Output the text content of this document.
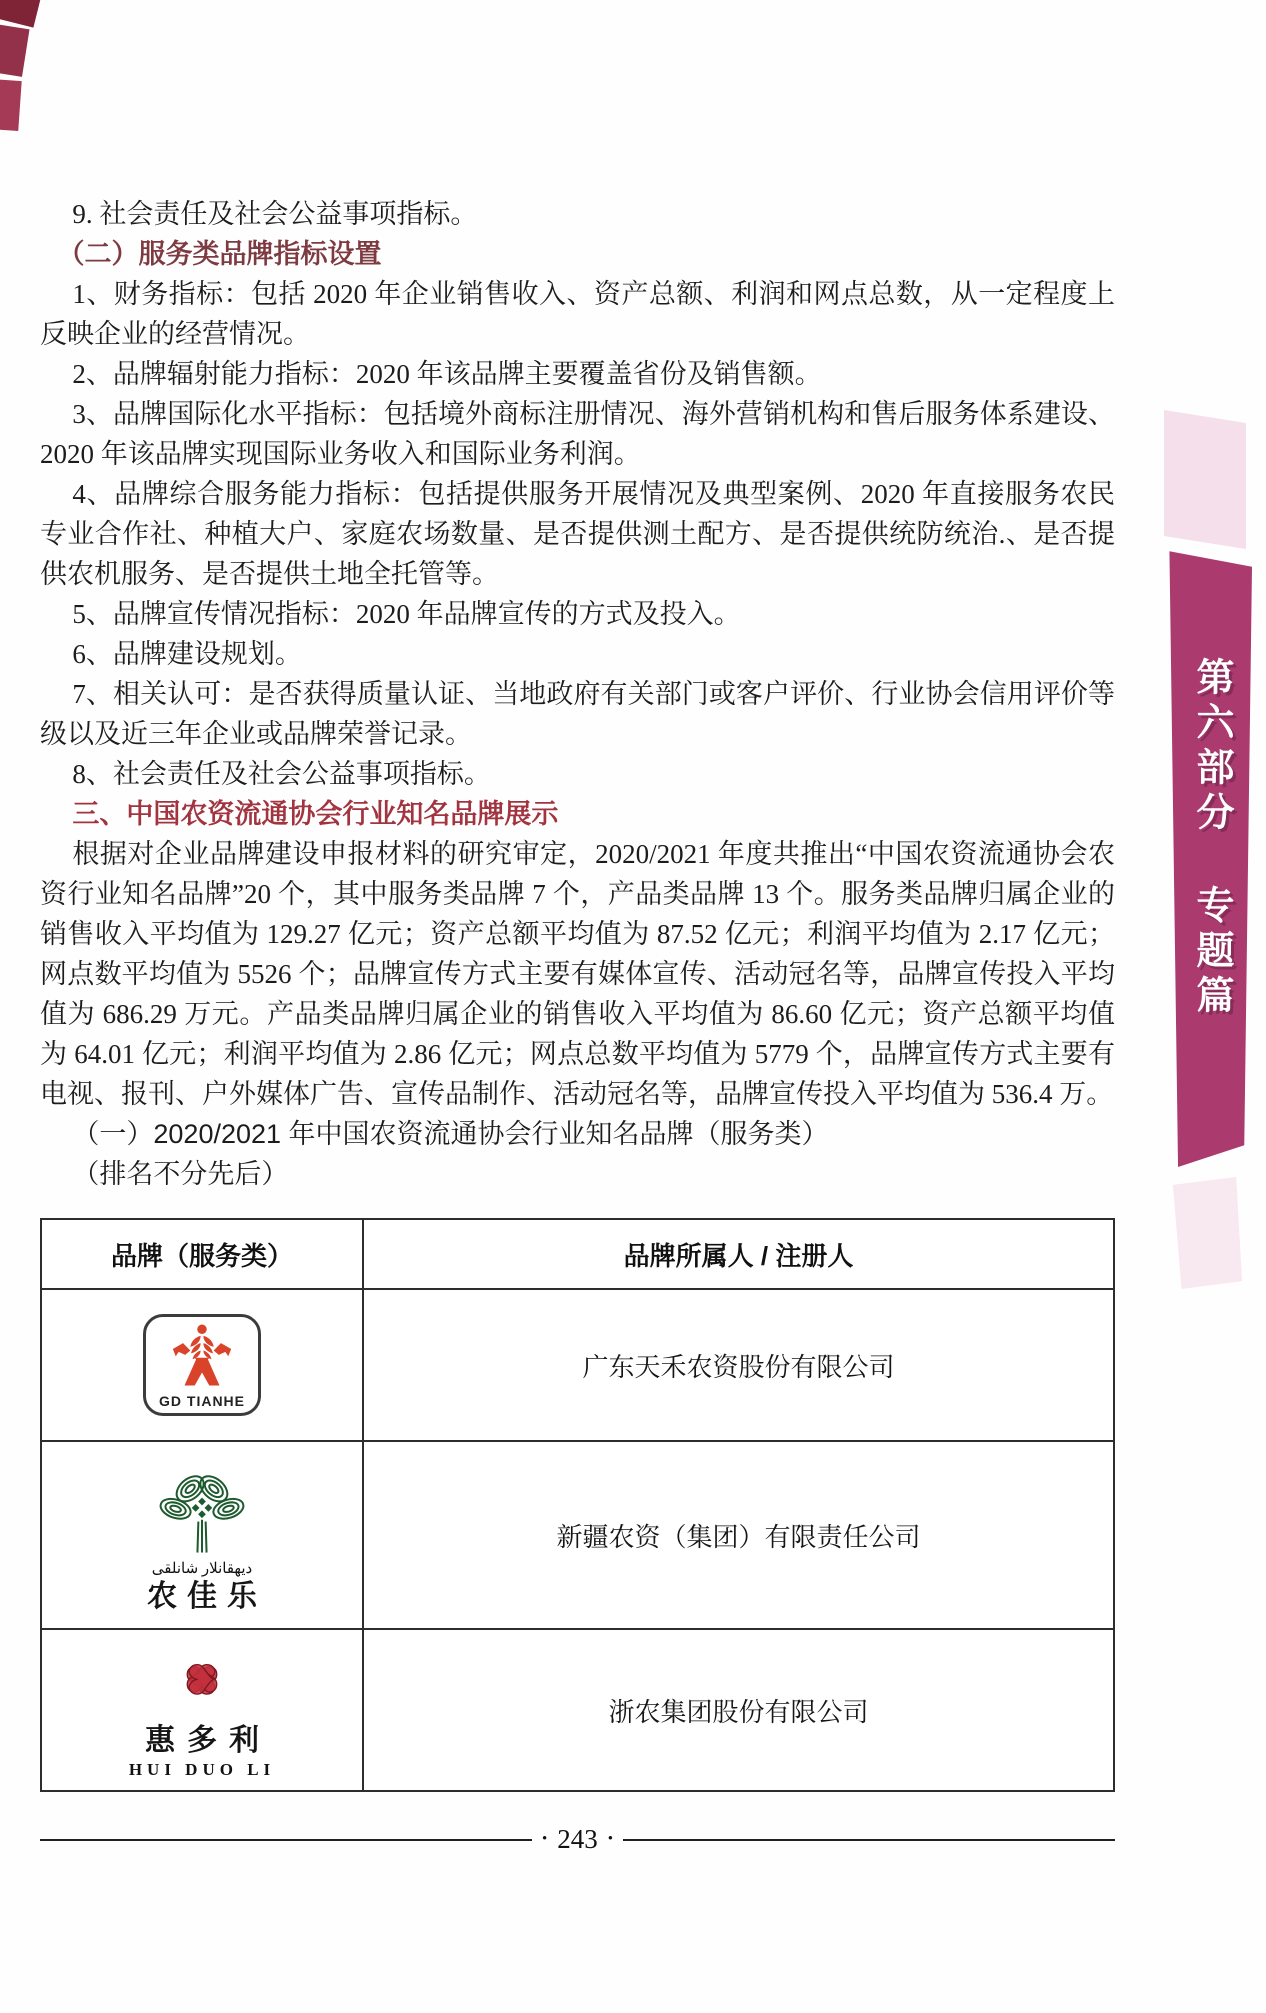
9. 社会责任及社会公益事项指标。

（二）服务类品牌指标设置

1、财务指标：包括 2020 年企业销售收入、资产总额、利润和网点总数，从一定程度上反映企业的经营情况。

2、品牌辐射能力指标：2020 年该品牌主要覆盖省份及销售额。

3、品牌国际化水平指标：包括境外商标注册情况、海外营销机构和售后服务体系建设、2020 年该品牌实现国际业务收入和国际业务利润。

4、品牌综合服务能力指标：包括提供服务开展情况及典型案例、2020 年直接服务农民专业合作社、种植大户、家庭农场数量、是否提供测土配方、是否提供统防统治.、是否提供农机服务、是否提供土地全托管等。

5、品牌宣传情况指标：2020 年品牌宣传的方式及投入。

6、品牌建设规划。

7、相关认可：是否获得质量认证、当地政府有关部门或客户评价、行业协会信用评价等级以及近三年企业或品牌荣誉记录。

8、社会责任及社会公益事项指标。

三、中国农资流通协会行业知名品牌展示

根据对企业品牌建设申报材料的研究审定，2020/2021 年度共推出“中国农资流通协会农资行业知名品牌”20 个，其中服务类品牌 7 个，产品类品牌 13 个。服务类品牌归属企业的销售收入平均值为 129.27 亿元；资产总额平均值为 87.52 亿元；利润平均值为 2.17 亿元；网点数平均值为 5526 个；品牌宣传方式主要有媒体宣传、活动冠名等，品牌宣传投入平均值为 686.29 万元。产品类品牌归属企业的销售收入平均值为 86.60 亿元；资产总额平均值为 64.01 亿元；利润平均值为 2.86 亿元；网点总数平均值为 5779 个，品牌宣传方式主要有电视、报刊、户外媒体广告、宣传品制作、活动冠名等，品牌宣传投入平均值为 536.4 万。

（一）2020/2021 年中国农资流通协会行业知名品牌（服务类）

（排名不分先后）

品牌（服务类）	品牌所属人 / 注册人

GD TIANHE	广东天禾农资股份有限公司

ديهقانلار شانلقى
农佳乐	新疆农资（集团）有限责任公司

惠多利
HUI DUO LI	浙农集团股份有限公司
• 243 •
第六部分 专题篇
